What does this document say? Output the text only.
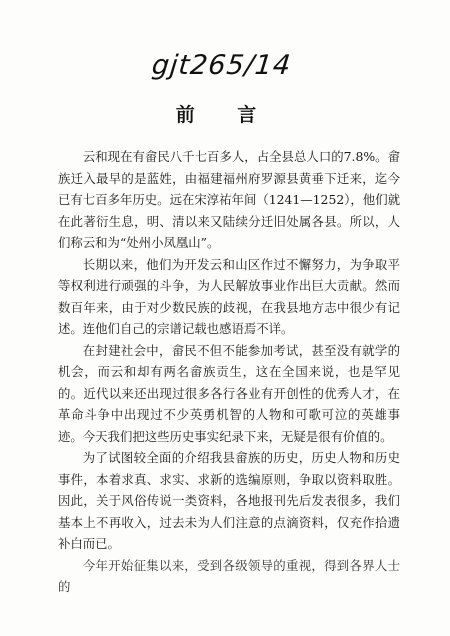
gjt265/14
前 言

云和现在有畲民八千七百多人，占全县总人口的7.8%。畲族迁入最早的是蓝姓，由福建福州府罗源县黄垂下迁来，迄今已有七百多年历史。远在宋淳祐年间（1241—1252），他们就在此著衍生息，明、清以来又陆续分迁旧处属各县。所以，人们称云和为“处州小凤凰山”。

长期以来，他们为开发云和山区作过不懈努力，为争取平等权利进行顽强的斗争，为人民解放事业作出巨大贡献。然而数百年来，由于对少数民族的歧视，在我县地方志中很少有记述。连他们自己的宗谱记载也感语焉不详。

在封建社会中，畲民不但不能参加考试，甚至没有就学的机会，而云和却有两名畲族贡生，这在全国来说，也是罕见的。近代以来还出现过很多各行各业有开创性的优秀人才，在革命斗争中出现过不少英勇机智的人物和可歌可泣的英雄事迹。今天我们把这些历史事实纪录下来，无疑是很有价值的。

为了试图较全面的介绍我县畲族的历史，历史人物和历史事件，本着求真、求实、求新的选编原则，争取以资料取胜。因此，关于风俗传说一类资料，各地报刊先后发表很多，我们基本上不再收入，过去未为人们注意的点滴资料，仅充作拾遗补白而已。

今年开始征集以来，受到各级领导的重视，得到各界人士的
